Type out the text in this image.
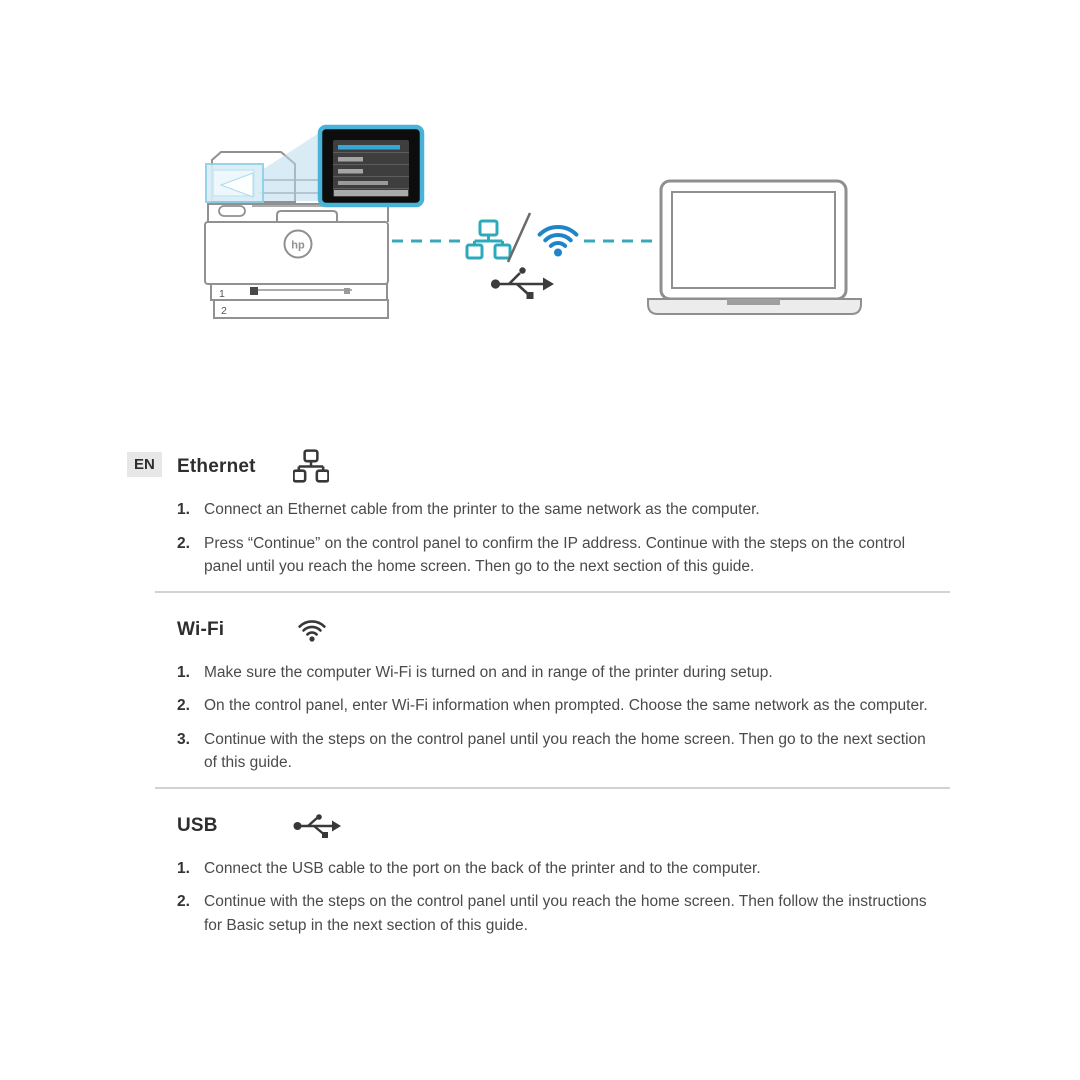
hp
1
2
EN	Ethernet
Connect an Ethernet cable from the printer to the same network as the computer.
Press “Continue” on the control panel to confirm the IP address. Continue with the steps on the control panel until you reach the home screen. Then go to the next section of this guide.
Wi-Fi
Make sure the computer Wi-Fi is turned on and in range of the printer during setup.
On the control panel, enter Wi-Fi information when prompted. Choose the same network as the computer.
Continue with the steps on the control panel until you reach the home screen. Then go to the next section of this guide.
USB
Connect the USB cable to the port on the back of the printer and to the computer.
Continue with the steps on the control panel until you reach the home screen. Then follow the instructions for Basic setup in the next section of this guide.
